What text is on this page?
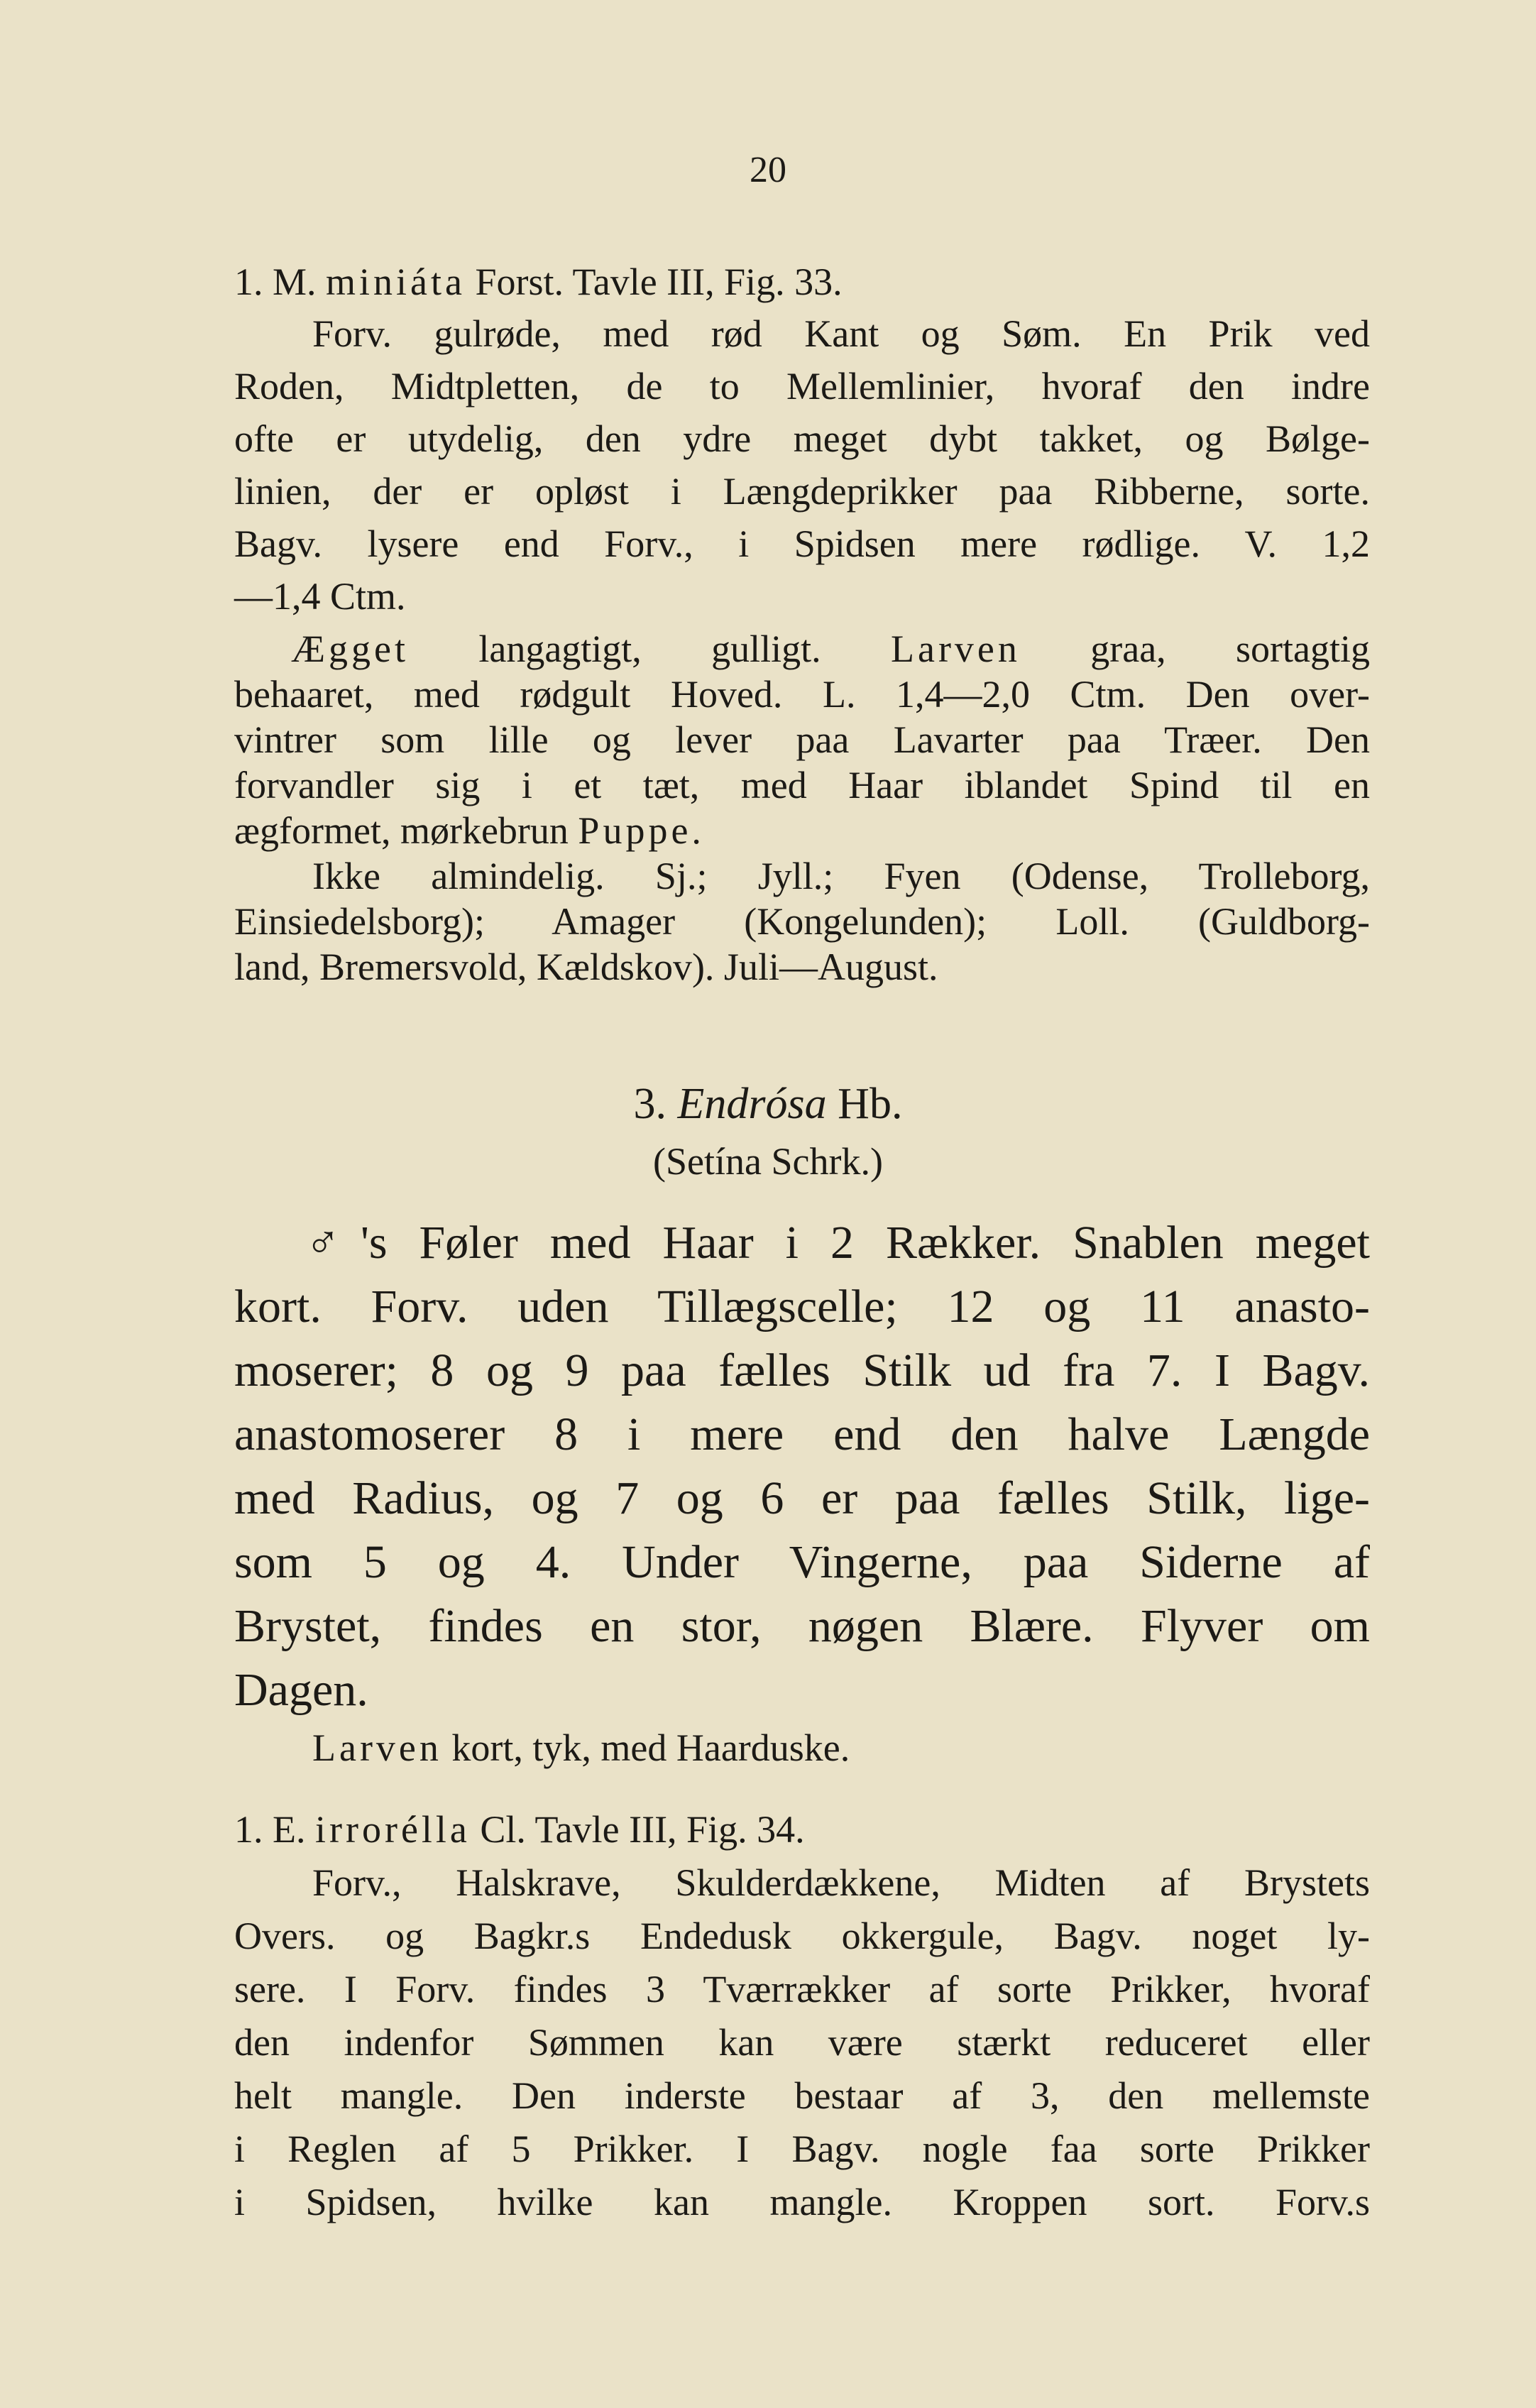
20
1. M. miniáta Forst. Tavle III, Fig. 33.
Forv. gulrøde, med rød Kant og Søm. En Prik ved
Roden, Midtpletten, de to Mellemlinier, hvoraf den indre
ofte er utydelig, den ydre meget dybt takket, og Bølge-
linien, der er opløst i Længdeprikker paa Ribberne, sorte.
Bagv. lysere end Forv., i Spidsen mere rødlige. V. 1,2
—1,4 Ctm.
Ægget langagtigt, gulligt. Larven graa, sortagtig
behaaret, med rødgult Hoved. L. 1,4—2,0 Ctm. Den over-
vintrer som lille og lever paa Lavarter paa Træer. Den
forvandler sig i et tæt, med Haar iblandet Spind til en
ægformet, mørkebrun Puppe.
Ikke almindelig. Sj.; Jyll.; Fyen (Odense, Trolleborg,
Einsiedelsborg); Amager (Kongelunden); Loll. (Guldborg-
land, Bremersvold, Kældskov). Juli—August.
3. Endrósa Hb.
(Setína Schrk.)
♂'s Føler med Haar i 2 Rækker. Snablen meget
kort. Forv. uden Tillægscelle; 12 og 11 anasto-
moserer; 8 og 9 paa fælles Stilk ud fra 7. I Bagv.
anastomoserer 8 i mere end den halve Længde
med Radius, og 7 og 6 er paa fælles Stilk, lige-
som 5 og 4. Under Vingerne, paa Siderne af
Brystet, findes en stor, nøgen Blære. Flyver om
Dagen.
Larven kort, tyk, med Haarduske.
1. E. irrorélla Cl. Tavle III, Fig. 34.
Forv., Halskrave, Skulderdækkene, Midten af Brystets
Overs. og Bagkr.s Endedusk okkergule, Bagv. noget ly-
sere. I Forv. findes 3 Tværrækker af sorte Prikker, hvoraf
den indenfor Sømmen kan være stærkt reduceret eller
helt mangle. Den inderste bestaar af 3, den mellemste
i Reglen af 5 Prikker. I Bagv. nogle faa sorte Prikker
i Spidsen, hvilke kan mangle. Kroppen sort. Forv.s
